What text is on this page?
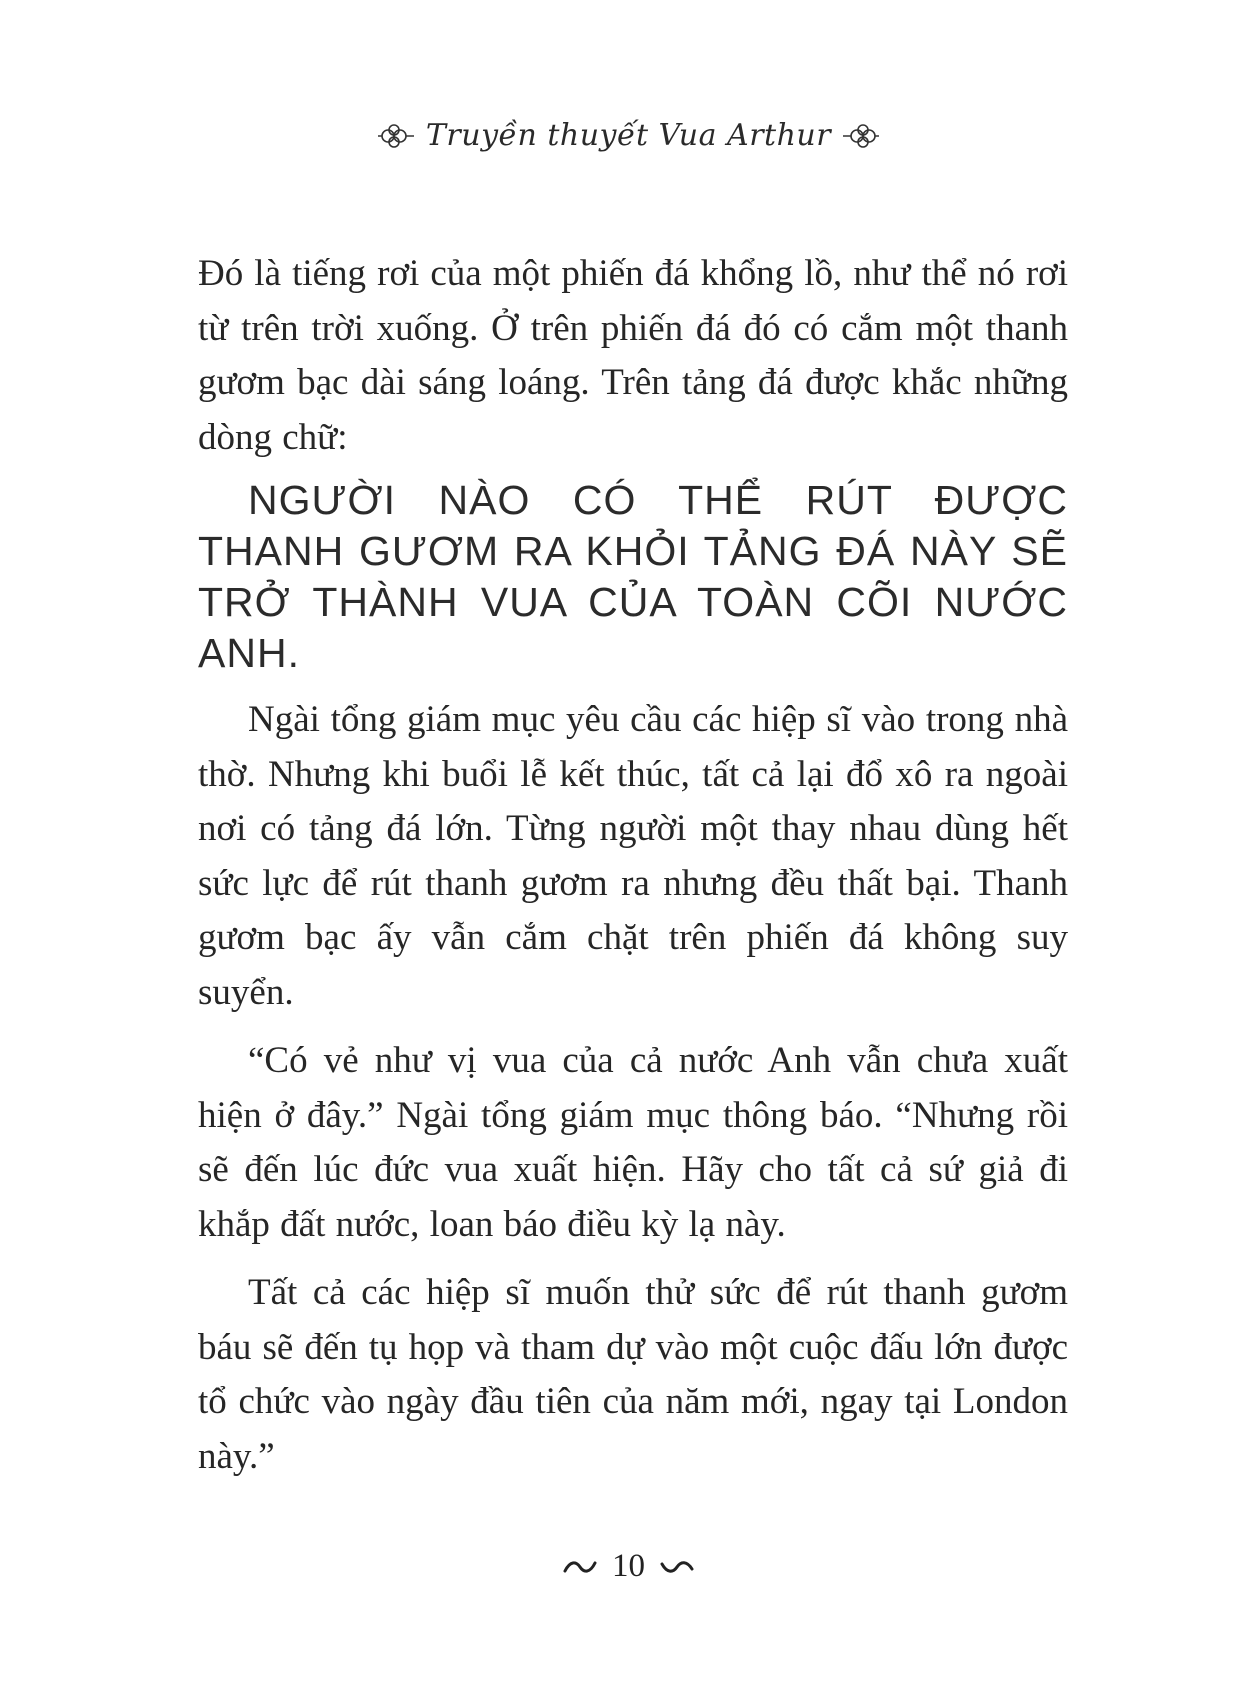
Truyền thuyết Vua Arthur

Đó là tiếng rơi của một phiến đá khổng lồ, như thể nó rơi từ trên trời xuống. Ở trên phiến đá đó có cắm một thanh gươm bạc dài sáng loáng. Trên tảng đá được khắc những dòng chữ:

NGƯỜI NÀO CÓ THỂ RÚT ĐƯỢC THANH GƯƠM RA KHỎI TẢNG ĐÁ NÀY SẼ TRỞ THÀNH VUA CỦA TOÀN CÕI NƯỚC ANH.

Ngài tổng giám mục yêu cầu các hiệp sĩ vào trong nhà thờ. Nhưng khi buổi lễ kết thúc, tất cả lại đổ xô ra ngoài nơi có tảng đá lớn. Từng người một thay nhau dùng hết sức lực để rút thanh gươm ra nhưng đều thất bại. Thanh gươm bạc ấy vẫn cắm chặt trên phiến đá không suy suyển.

“Có vẻ như vị vua của cả nước Anh vẫn chưa xuất hiện ở đây.” Ngài tổng giám mục thông báo. “Nhưng rồi sẽ đến lúc đức vua xuất hiện. Hãy cho tất cả sứ giả đi khắp đất nước, loan báo điều kỳ lạ này.

Tất cả các hiệp sĩ muốn thử sức để rút thanh gươm báu sẽ đến tụ họp và tham dự vào một cuộc đấu lớn được tổ chức vào ngày đầu tiên của năm mới, ngay tại London này.”

10
